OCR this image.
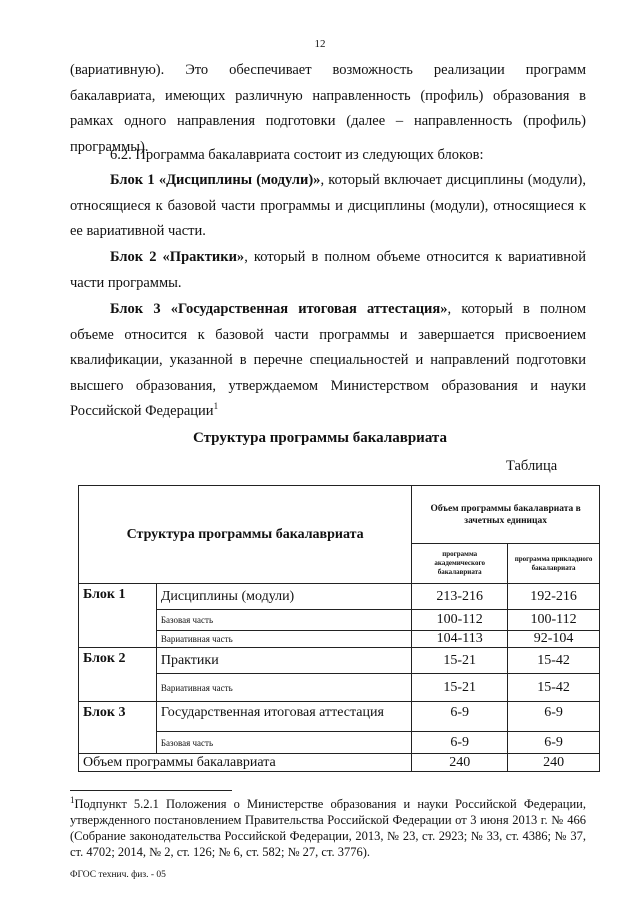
12

(вариативную). Это обеспечивает возможность реализации программ бакалавриата, имеющих различную направленность (профиль) образования в рамках одного направления подготовки (далее – направленность (профиль) программы).

6.2. Программа бакалавриата состоит из следующих блоков:

Блок 1 «Дисциплины (модули)», который включает дисциплины (модули), относящиеся к базовой части программы и дисциплины (модули), относящиеся к ее вариативной части.

Блок 2 «Практики», который в полном объеме относится к вариативной части программы.

Блок 3 «Государственная итоговая аттестация», который в полном объеме относится к базовой части программы и завершается присвоением квалификации, указанной в перечне специальностей и направлений подготовки высшего образования, утверждаемом Министерством образования и науки Российской Федерации$^1$

Структура программы бакалавриата
Таблица
Структура программы бакалавриата		Объем программы бакалавриата в зачетных единицах	
		программа академического бакалавриата	программа прикладного бакалавриата
Блок 1	Дисциплины (модули)	213-216	192-216
	Базовая часть	100-112	100-112
	Вариативная часть	104-113	92-104
Блок 2	Практики	15-21	15-42
	Вариативная часть	15-21	15-42
Блок 3	Государственная итоговая аттестация	6-9	6-9
	Базовая часть	6-9	6-9
Объем программы бакалавриата		240	240

$^1$Подпункт 5.2.1 Положения о Министерстве образования и науки Российской Федерации, утвержденного постановлением Правительства Российской Федерации от 3 июня 2013 г. № 466 (Собрание законодательства Российской Федерации, 2013, № 23, ст. 2923; № 33, ст. 4386; № 37, ст. 4702; 2014, № 2, ст. 126; № 6, ст. 582; № 27, ст. 3776).

ФГОС технич. физ. - 05
